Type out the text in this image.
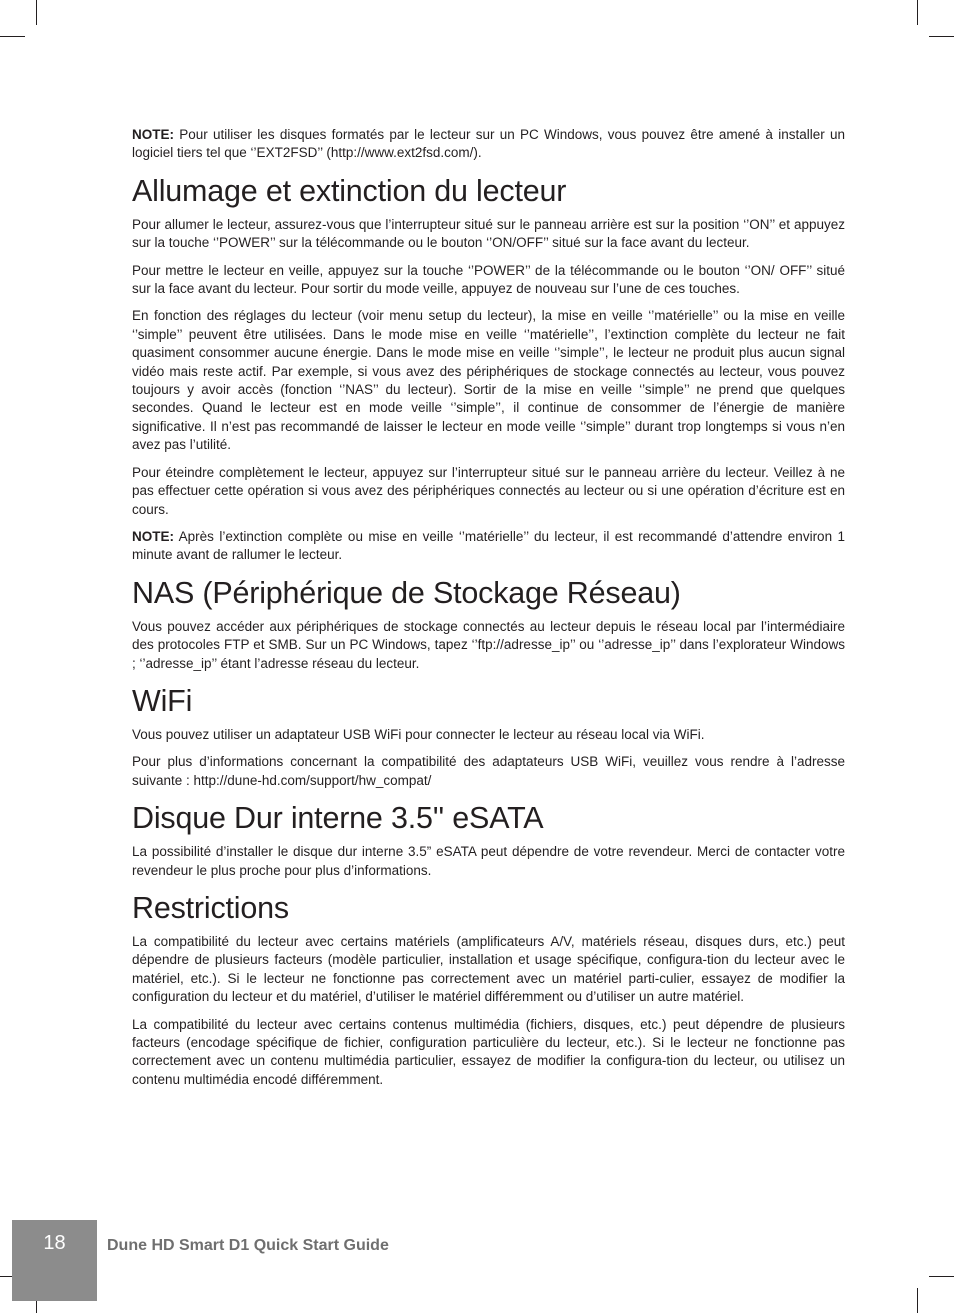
NOTE: Pour utiliser les disques formatés par le lecteur sur un PC Windows, vous pouvez être amené à installer un logiciel tiers tel que ‘’EXT2FSD’’ (http://www.ext2fsd.com/).

Allumage et extinction du lecteur

Pour allumer le lecteur, assurez-vous que l’interrupteur situé sur le panneau arrière est sur la position ‘’ON’’ et appuyez sur la touche ‘’POWER’’ sur la télécommande ou le bouton ‘’ON/OFF’’ situé sur la face avant du lecteur.

Pour mettre le lecteur en veille, appuyez sur la touche ‘’POWER’’ de la télécommande ou le bouton ‘’ON/ OFF’’ situé sur la face avant du lecteur. Pour sortir du mode veille, appuyez de nouveau sur l’une de ces touches.

En fonction des réglages du lecteur (voir menu setup du lecteur), la mise en veille ‘’matérielle’’ ou la mise en veille ‘’simple’’ peuvent être utilisées. Dans le mode mise en veille ‘’matérielle’’, l’extinction complète du lecteur ne fait quasiment consommer aucune énergie. Dans le mode mise en veille ‘’simple’’, le lecteur ne produit plus aucun signal vidéo mais reste actif. Par exemple, si vous avez des périphériques de stockage connectés au lecteur, vous pouvez toujours y avoir accès (fonction ‘’NAS’’ du lecteur). Sortir de la mise en veille ‘’simple’’ ne prend que quelques secondes. Quand le lecteur est en mode veille ‘’simple’’, il continue de consommer de l’énergie de manière significative. Il n’est pas recommandé de laisser le lecteur en mode veille ‘’simple’’ durant trop longtemps si vous n’en avez pas l’utilité.

Pour éteindre complètement le lecteur, appuyez sur l’interrupteur situé sur le panneau arrière du lecteur. Veillez à ne pas effectuer cette opération si vous avez des périphériques connectés au lecteur ou si une opération d’écriture est en cours.

NOTE: Après l’extinction complète ou mise en veille ‘’matérielle’’ du lecteur, il est recommandé d’attendre environ 1 minute avant de rallumer le lecteur.

NAS (Périphérique de Stockage Réseau)

Vous pouvez accéder aux périphériques de stockage connectés au lecteur depuis le réseau local par l’intermédiaire des protocoles FTP et SMB. Sur un PC Windows, tapez ‘’ftp://adresse_ip’’ ou ‘’adresse_ip’’ dans l’explorateur Windows ; ‘’adresse_ip’’ étant l’adresse réseau du lecteur.

WiFi

Vous pouvez utiliser un adaptateur USB WiFi pour connecter le lecteur au réseau local via WiFi.

Pour plus d’informations concernant la compatibilité des adaptateurs USB WiFi, veuillez vous rendre à l’adresse suivante : http://dune-hd.com/support/hw_compat/

Disque Dur interne 3.5'' eSATA

La possibilité d’installer le disque dur interne 3.5” eSATA peut dépendre de votre revendeur. Merci de contacter votre revendeur le plus proche pour plus d’informations.

Restrictions

La compatibilité du lecteur avec certains matériels (amplificateurs A/V, matériels réseau, disques durs, etc.) peut dépendre de plusieurs facteurs (modèle particulier, installation et usage spécifique, configura-tion du lecteur avec le matériel, etc.). Si le lecteur ne fonctionne pas correctement avec un matériel parti-culier, essayez de modifier la configuration du lecteur et du matériel, d’utiliser le matériel différemment ou d’utiliser un autre matériel.

La compatibilité du lecteur avec certains contenus multimédia (fichiers, disques, etc.) peut dépendre de plusieurs facteurs (encodage spécifique de fichier, configuration particulière du lecteur, etc.). Si le lecteur ne fonctionne pas correctement avec un contenu multimédia particulier, essayez de modifier la configura-tion du lecteur, ou utilisez un contenu multimédia encodé différemment.

18	Dune HD Smart D1 Quick Start Guide
